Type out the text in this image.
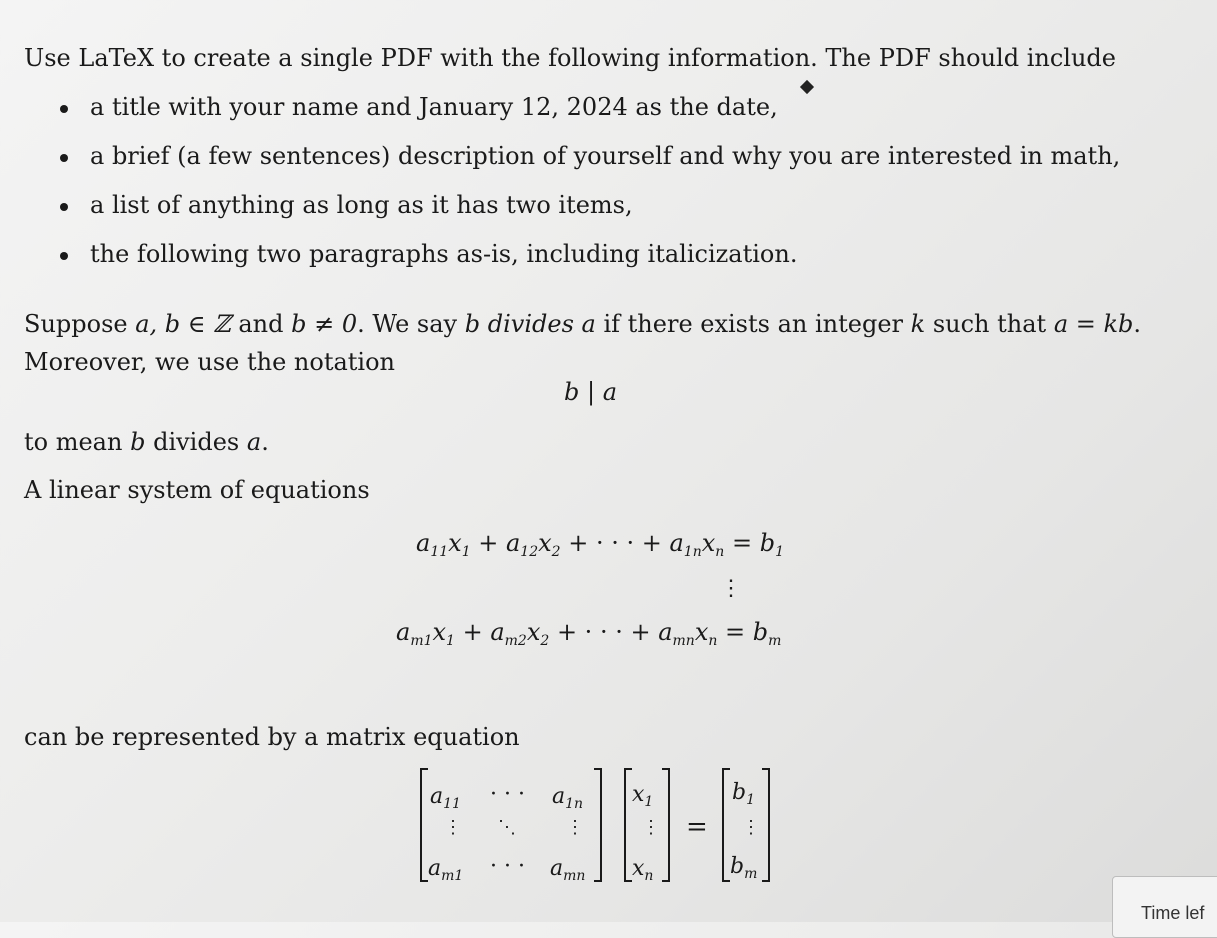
Use LaTeX to create a single PDF with the following information. The PDF should include
a title with your name and January 12, 2024 as the date,
a brief (a few sentences) description of yourself and why you are interested in math,
a list of anything as long as it has two items,
the following two paragraphs as-is, including italicization.
Suppose a, b ∈ ℤ and b ≠ 0. We say b divides a if there exists an integer k such that a = kb.
Moreover, we use the notation
b | a
to mean b divides a.
A linear system of equations
$a_{11}x_1 + a_{12}x_2$ + · · · + $a_{1n}x_n = b_1$
⋮
$a_{m1}x_1 + a_{m2}x_2$ + · · · + $a_{mn}x_n = b_m$
can be represented by a matrix equation
$a_{11}$ · · · $a_{1n}$
⋮ ⋱	⋮
$a_{m1}$ · · · $a_{mn}$
$x_1$
⋮
$x_n$
=
$b_1$
⋮
$b_m$
Time lef
